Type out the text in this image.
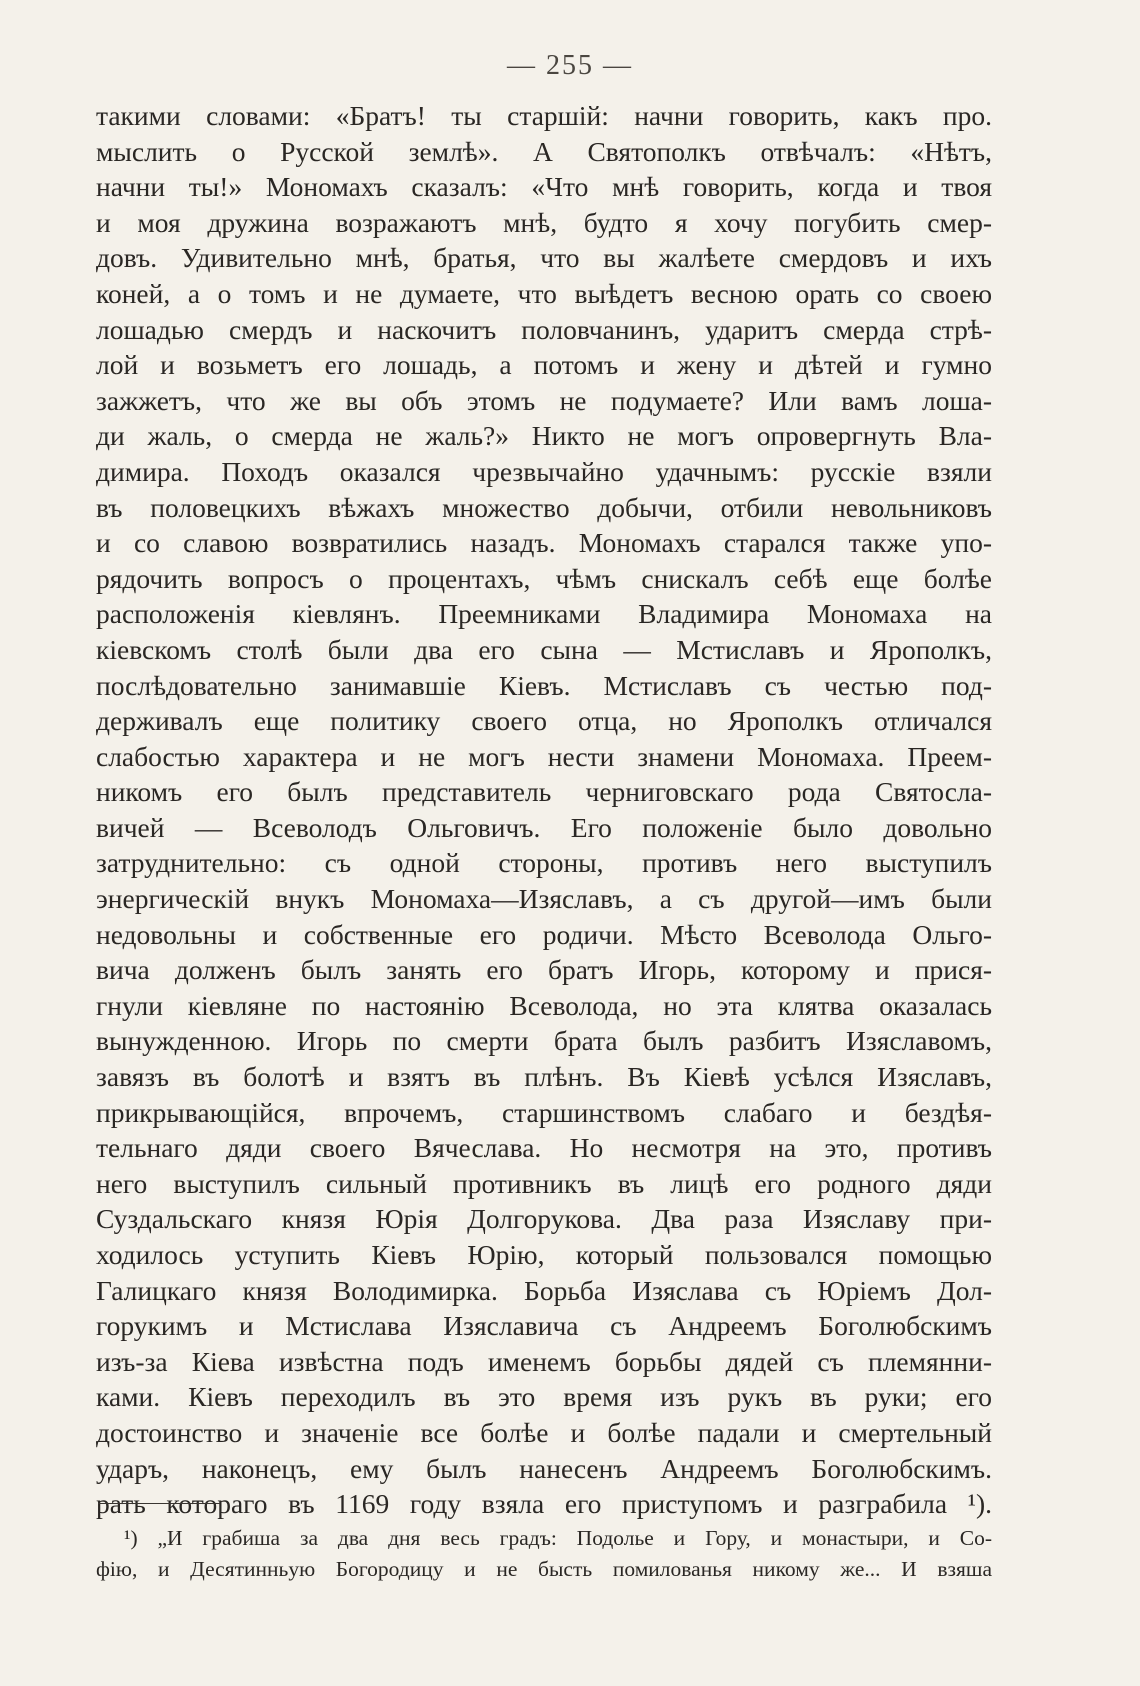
— 255 —
такими словами: «Братъ! ты старшій: начни говорить, какъ про.
мыслить о Русской землѣ». А Святополкъ отвѣчалъ: «Нѣтъ,
начни ты!» Мономахъ сказалъ: «Что мнѣ говорить, когда и твоя
и моя дружина возражаютъ мнѣ, будто я хочу погубить смер-
довъ. Удивительно мнѣ, братья, что вы жалѣете смердовъ и ихъ
коней, а о томъ и не думаете, что выѣдетъ весною орать со своею
лошадью смердъ и наскочитъ половчанинъ, ударитъ смерда стрѣ-
лой и возьметъ его лошадь, а потомъ и жену и дѣтей и гумно
зажжетъ, что же вы объ этомъ не подумаете? Или вамъ лоша-
ди жаль, о смерда не жаль?» Никто не могъ опровергнуть Вла-
димира. Походъ оказался чрезвычайно удачнымъ: русскіе взяли
въ половецкихъ вѣжахъ множество добычи, отбили невольниковъ
и со славою возвратились назадъ. Мономахъ старался также упо-
рядочить вопросъ о процентахъ, чѣмъ снискалъ себѣ еще болѣе
расположенія кіевлянъ. Преемниками Владимира Мономаха на
кіевскомъ столѣ были два его сына — Мстиславъ и Ярополкъ,
послѣдовательно занимавшіе Кіевъ. Мстиславъ съ честью под-
держивалъ еще политику своего отца, но Ярополкъ отличался
слабостью характера и не могъ нести знамени Мономаха. Преем-
никомъ его былъ представитель черниговскаго рода Святосла-
вичей — Всеволодъ Ольговичъ. Его положеніе было довольно
затруднительно: съ одной стороны, противъ него выступилъ
энергическій внукъ Мономаха—Изяславъ, а съ другой—имъ были
недовольны и собственные его родичи. Мѣсто Всеволода Ольго-
вича долженъ былъ занять его братъ Игорь, которому и прися-
гнули кіевляне по настоянію Всеволода, но эта клятва оказалась
вынужденною. Игорь по смерти брата былъ разбитъ Изяславомъ,
завязъ въ болотѣ и взятъ въ плѣнъ. Въ Кіевѣ усѣлся Изяславъ,
прикрывающійся, впрочемъ, старшинствомъ слабаго и бездѣя-
тельнаго дяди своего Вячеслава. Но несмотря на это, противъ
него выступилъ сильный противникъ въ лицѣ его родного дяди
Суздальскаго князя Юрія Долгорукова. Два раза Изяславу при-
ходилось уступить Кіевъ Юрію, который пользовался помощью
Галицкаго князя Володимирка. Борьба Изяслава съ Юріемъ Дол-
горукимъ и Мстислава Изяславича съ Андреемъ Боголюбскимъ
изъ-за Кіева извѣстна подъ именемъ борьбы дядей съ племянни-
ками. Кіевъ переходилъ въ это время изъ рукъ въ руки; его
достоинство и значеніе все болѣе и болѣе падали и смертельный
ударъ, наконецъ, ему былъ нанесенъ Андреемъ Боголюбскимъ.
рать котораго въ 1169 году взяла его приступомъ и разграбила ¹).
¹) „И грабиша за два дня весь градъ: Подолье и Гору, и монастыри, и Со-
фію, и Десятинньую Богородицу и не бысть помилованья никому же... И взяша
